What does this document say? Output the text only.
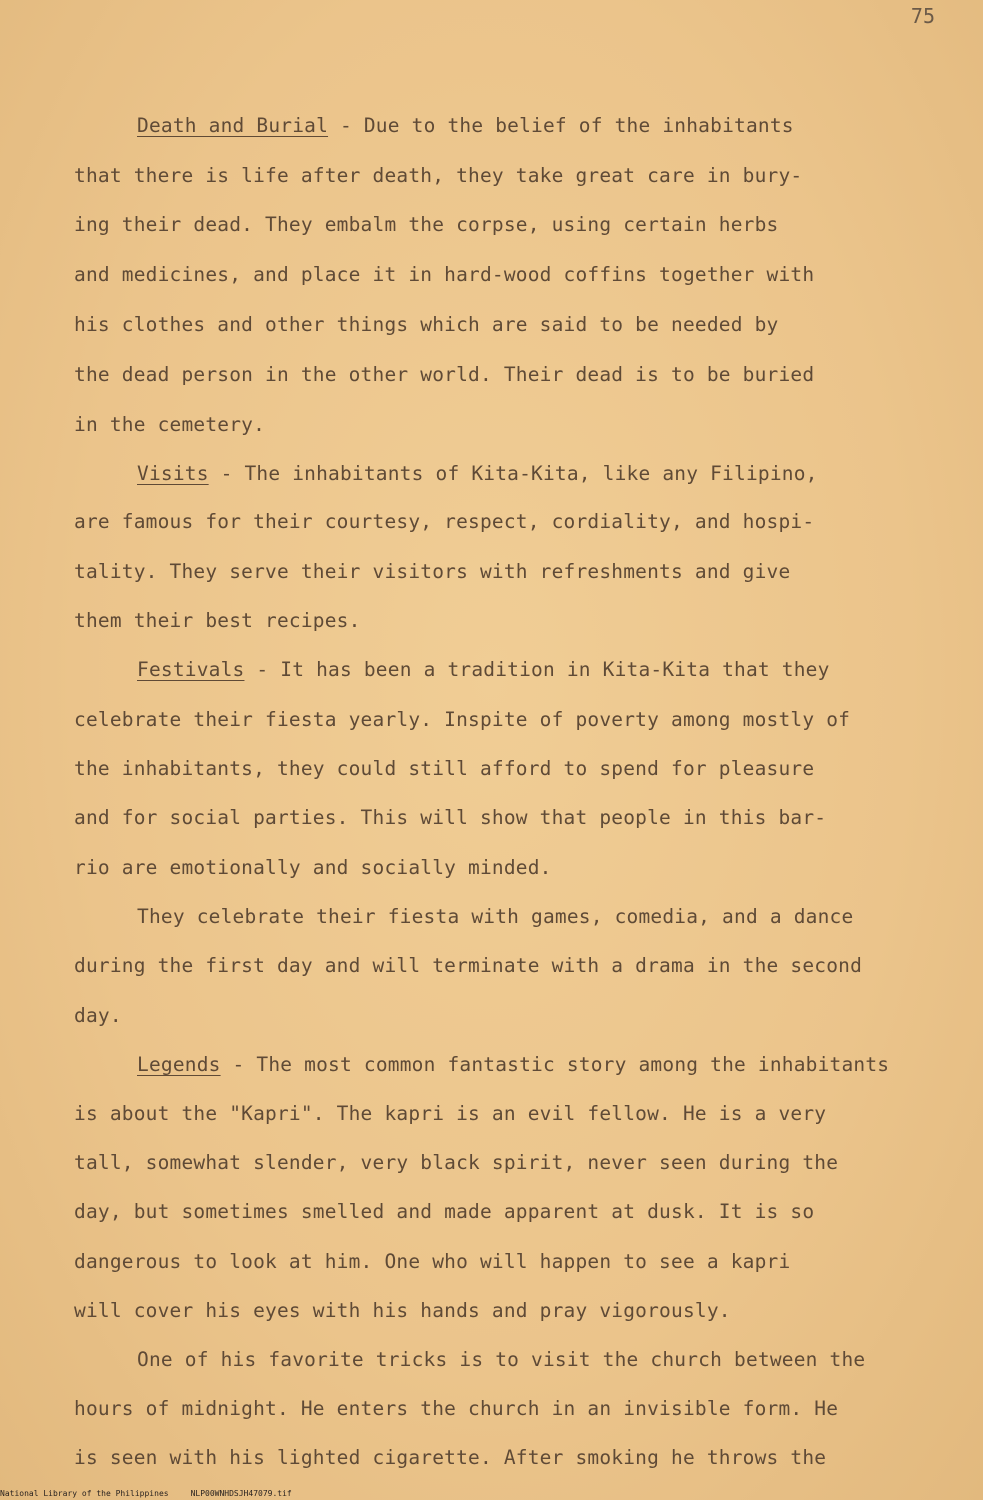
75
Death and Burial - Due to the belief of the inhabitants
that there is life after death, they take great care in bury-
ing their dead. They embalm the corpse, using certain herbs
and medicines, and place it in hard-wood coffins together with
his clothes and other things which are said to be needed by
the dead person in the other world. Their dead is to be buried
in the cemetery.
Visits - The inhabitants of Kita-Kita, like any Filipino,
are famous for their courtesy, respect, cordiality, and hospi-
tality. They serve their visitors with refreshments and give
them their best recipes.
Festivals - It has been a tradition in Kita-Kita that they
celebrate their fiesta yearly. Inspite of poverty among mostly of
the inhabitants, they could still afford to spend for pleasure
and for social parties. This will show that people in this bar-
rio are emotionally and socially minded.
They celebrate their fiesta with games, comedia, and a dance
during the first day and will terminate with a drama in the second
day.
Legends - The most common fantastic story among the inhabitants
is about the "Kapri". The kapri is an evil fellow. He is a very
tall, somewhat slender, very black spirit, never seen during the
day, but sometimes smelled and made apparent at dusk. It is so
dangerous to look at him. One who will happen to see a kapri
will cover his eyes with his hands and pray vigorously.
One of his favorite tricks is to visit the church between the
hours of midnight. He enters the church in an invisible form. He
is seen with his lighted cigarette. After smoking he throws the
National Library of the Philippines	NLP00WNHDSJH47079.tif
